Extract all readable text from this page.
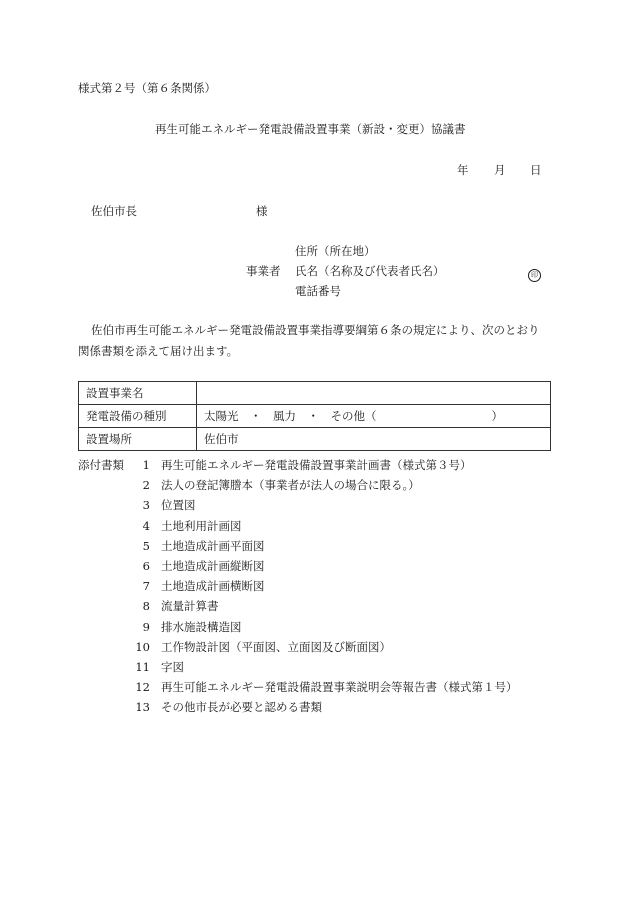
様式第２号（第６条関係）
再生可能エネルギー発電設備設置事業（新設・変更）協議書
年 月 日
佐伯市長	様
住所（所在地）
事業者 氏名（名称及び代表者氏名）	印
電話番号
佐伯市再生可能エネルギー発電設備設置事業指導要綱第６条の規定により、次のとおり
関係書類を添えて届け出ます。
設置事業名	
発電設備の種別	太陽光　・　風力　・　その他（　　　　　　　　　　）
設置場所	佐伯市
添付書類	1 再生可能エネルギー発電設備設置事業計画書（様式第３号）
2 法人の登記簿謄本（事業者が法人の場合に限る。）
3 位置図
4 土地利用計画図
5 土地造成計画平面図
6 土地造成計画縦断図
7 土地造成計画横断図
8 流量計算書
9 排水施設構造図
10 工作物設計図（平面図、立面図及び断面図）
11 字図
12 再生可能エネルギー発電設備設置事業説明会等報告書（様式第１号）
13 その他市長が必要と認める書類
